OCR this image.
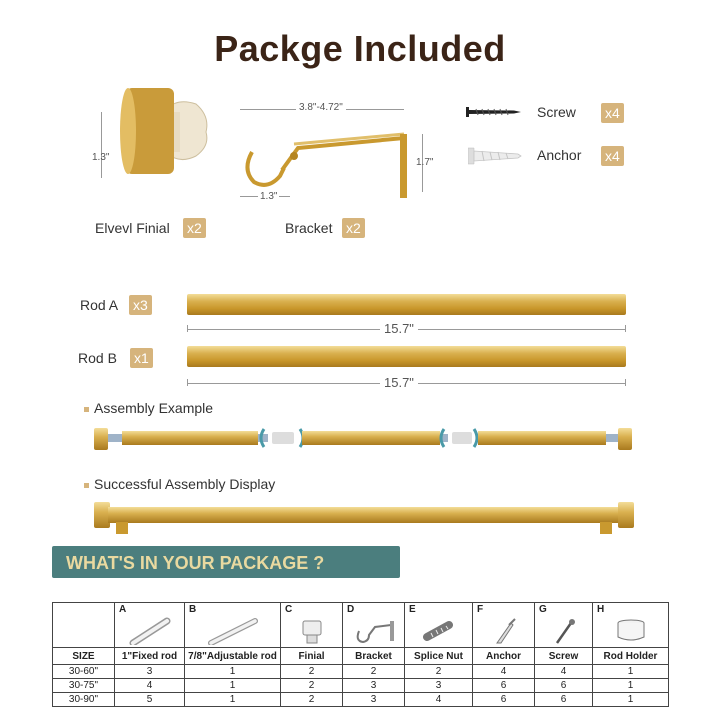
Packge Included
1.3"
Elvevl Finial x2
3.8"-4.72"
1.7"
1.3"
Bracket x2
Screw x4
Anchor x4
Rod A x3
15.7"
Rod B x1
15.7"
Assembly Example
Successful Assembly Display
WHAT'S IN YOUR PACKAGE ?

	A	B	C	D	E	F	G	H

SIZE	1"Fixed rod	7/8"Adjustable rod	Finial	Bracket	Splice Nut	Anchor	Screw	Rod Holder
30-60"	3	1	2	2	2	4	4	1
30-75"	4	1	2	3	3	6	6	1
30-90"	5	1	2	3	4	6	6	1
